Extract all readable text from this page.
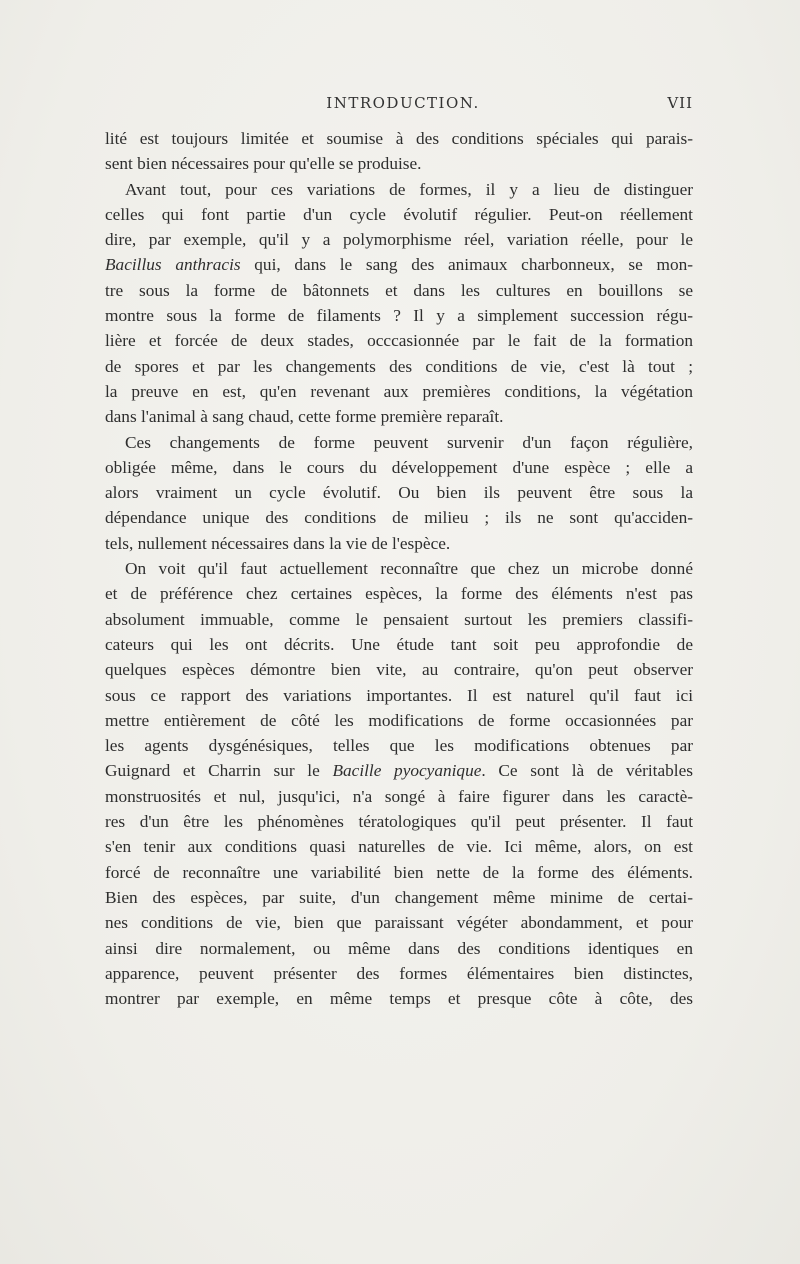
INTRODUCTION.	VII
lité est toujours limitée et soumise à des conditions spéciales qui parais-
sent bien nécessaires pour qu'elle se produise.
Avant tout, pour ces variations de formes, il y a lieu de distinguer
celles qui font partie d'un cycle évolutif régulier. Peut-on réellement
dire, par exemple, qu'il y a polymorphisme réel, variation réelle, pour le
Bacillus anthracis qui, dans le sang des animaux charbonneux, se mon-
tre sous la forme de bâtonnets et dans les cultures en bouillons se
montre sous la forme de filaments ? Il y a simplement succession régu-
lière et forcée de deux stades, occcasionnée par le fait de la formation
de spores et par les changements des conditions de vie, c'est là tout ;
la preuve en est, qu'en revenant aux premières conditions, la végétation
dans l'animal à sang chaud, cette forme première reparaît.
Ces changements de forme peuvent survenir d'un façon régulière,
obligée même, dans le cours du développement d'une espèce ; elle a
alors vraiment un cycle évolutif. Ou bien ils peuvent être sous la
dépendance unique des conditions de milieu ; ils ne sont qu'acciden-
tels, nullement nécessaires dans la vie de l'espèce.
On voit qu'il faut actuellement reconnaître que chez un microbe donné
et de préférence chez certaines espèces, la forme des éléments n'est pas
absolument immuable, comme le pensaient surtout les premiers classifi-
cateurs qui les ont décrits. Une étude tant soit peu approfondie de
quelques espèces démontre bien vite, au contraire, qu'on peut observer
sous ce rapport des variations importantes. Il est naturel qu'il faut ici
mettre entièrement de côté les modifications de forme occasionnées par
les agents dysgénésiques, telles que les modifications obtenues par
Guignard et Charrin sur le Bacille pyocyanique. Ce sont là de véritables
monstruosités et nul, jusqu'ici, n'a songé à faire figurer dans les caractè-
res d'un être les phénomènes tératologiques qu'il peut présenter. Il faut
s'en tenir aux conditions quasi naturelles de vie. Ici même, alors, on est
forcé de reconnaître une variabilité bien nette de la forme des éléments.
Bien des espèces, par suite, d'un changement même minime de certai-
nes conditions de vie, bien que paraissant végéter abondamment, et pour
ainsi dire normalement, ou même dans des conditions identiques en
apparence, peuvent présenter des formes élémentaires bien distinctes,
montrer par exemple, en même temps et presque côte à côte, des
